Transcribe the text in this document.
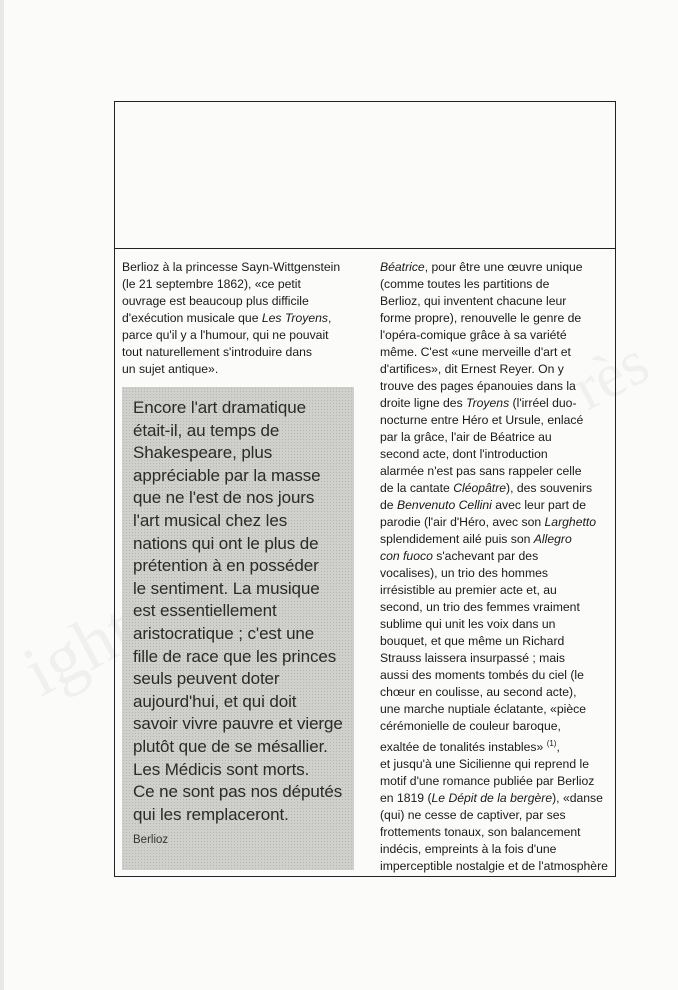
Berlioz à la princesse Sayn-Wittgenstein
(le 21 septembre 1862), «ce petit
ouvrage est beaucoup plus difficile
d'exécution musicale que Les Troyens,
parce qu'il y a l'humour, qui ne pouvait
tout naturellement s'introduire dans
un sujet antique».

Encore l'art dramatique
était-il, au temps de
Shakespeare, plus
appréciable par la masse
que ne l'est de nos jours
l'art musical chez les
nations qui ont le plus de
prétention à en posséder
le sentiment. La musique
est essentiellement
aristocratique ; c'est une
fille de race que les princes
seuls peuvent doter
aujourd'hui, et qui doit
savoir vivre pauvre et vierge
plutôt que de se mésallier.
Les Médicis sont morts.
Ce ne sont pas nos députés
qui les remplaceront.

Berlioz

Béatrice, pour être une œuvre unique
(comme toutes les partitions de
Berlioz, qui inventent chacune leur
forme propre), renouvelle le genre de
l'opéra-comique grâce à sa variété
même. C'est «une merveille d'art et
d'artifices», dit Ernest Reyer. On y
trouve des pages épanouies dans la
droite ligne des Troyens (l'irréel duo-
nocturne entre Héro et Ursule, enlacé
par la grâce, l'air de Béatrice au
second acte, dont l'introduction
alarmée n'est pas sans rappeler celle
de la cantate Cléopâtre), des souvenirs
de Benvenuto Cellini avec leur part de
parodie (l'air d'Héro, avec son Larghetto
splendidement ailé puis son Allegro
con fuoco s'achevant par des
vocalises), un trio des hommes
irrésistible au premier acte et, au
second, un trio des femmes vraiment
sublime qui unit les voix dans un
bouquet, et que même un Richard
Strauss laissera insurpassé ; mais
aussi des moments tombés du ciel (le
chœur en coulisse, au second acte),
une marche nuptiale éclatante, «pièce
cérémonielle de couleur baroque,
exaltée de tonalités instables» $^{(1)}$,
et jusqu'à une Sicilienne qui reprend le
motif d'une romance publiée par Berlioz
en 1819 (Le Dépit de la bergère), «danse
(qui) ne cesse de captiver, par ses
frottements tonaux, son balancement
indécis, empreints à la fois d'une
imperceptible nostalgie et de l'atmosphère
